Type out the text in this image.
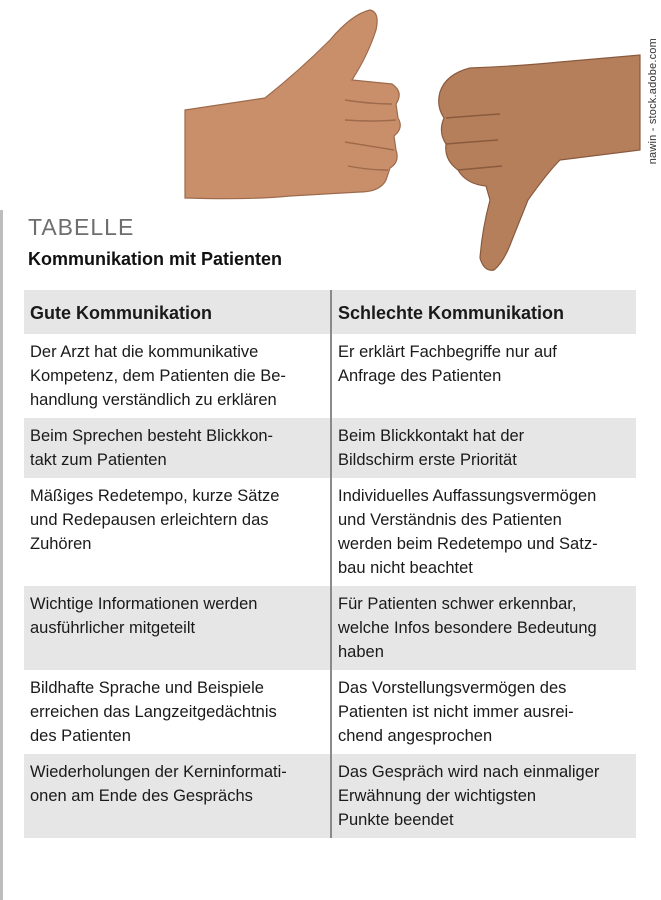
nawin - stock.adobe.com
TABELLE
Kommunikation mit Patienten
Gute Kommunikation	Schlechte Kommunikation
Der Arzt hat die kommunikative
Kompetenz, dem Patienten die Be-
handlung verständlich zu erklären
Er erklärt Fachbegriffe nur auf
Anfrage des Patienten
Beim Sprechen besteht Blickkon-
takt zum Patienten
Beim Blickkontakt hat der
Bildschirm erste Priorität
Mäßiges Redetempo, kurze Sätze
und Redepausen erleichtern das
Zuhören
Individuelles Auffassungsvermögen
und Verständnis des Patienten
werden beim Redetempo und Satz-
bau nicht beachtet
Wichtige Informationen werden
ausführlicher mitgeteilt
Für Patienten schwer erkennbar,
welche Infos besondere Bedeutung
haben
Bildhafte Sprache und Beispiele
erreichen das Langzeitgedächtnis
des Patienten
Das Vorstellungsvermögen des
Patienten ist nicht immer ausrei-
chend angesprochen
Wiederholungen der Kerninformati-
onen am Ende des Gesprächs
Das Gespräch wird nach einmaliger
Erwähnung der wichtigsten
Punkte beendet
